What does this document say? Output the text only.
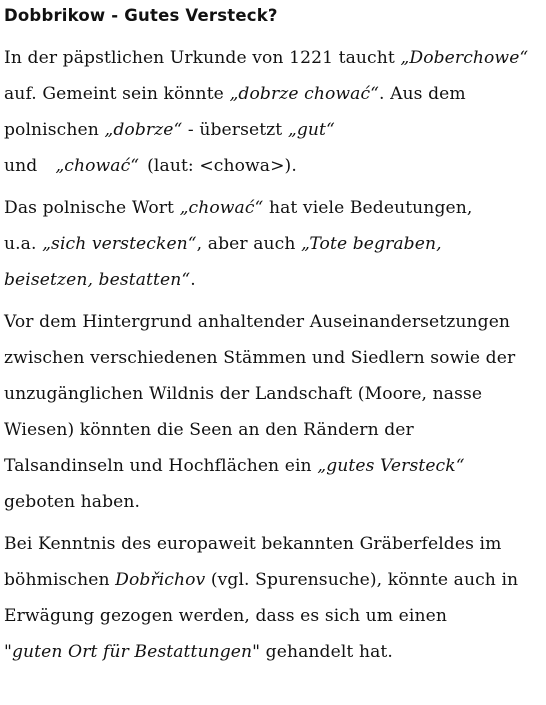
Dobbrikow - Gutes Versteck?

In der päpstlichen Urkunde von 1221 taucht „Doberchowe“
auf. Gemeint sein könnte „dobrze chować“. Aus dem
polnischen „dobrze“ - übersetzt „gut“
und „chować“ (laut: <chowa>).

Das polnische Wort „chować“ hat viele Bedeutungen,
u.a. „sich verstecken“, aber auch „Tote begraben,
beisetzen, bestatten“.

Vor dem Hintergrund anhaltender Auseinandersetzungen
zwischen verschiedenen Stämmen und Siedlern sowie der
unzugänglichen Wildnis der Landschaft (Moore, nasse
Wiesen) könnten die Seen an den Rändern der
Talsandinseln und Hochflächen ein „gutes Versteck“
geboten haben.

Bei Kenntnis des europaweit bekannten Gräberfeldes im
böhmischen Dobřichov (vgl. Spurensuche), könnte auch in
Erwägung gezogen werden, dass es sich um einen
"guten Ort für Bestattungen" gehandelt hat.
